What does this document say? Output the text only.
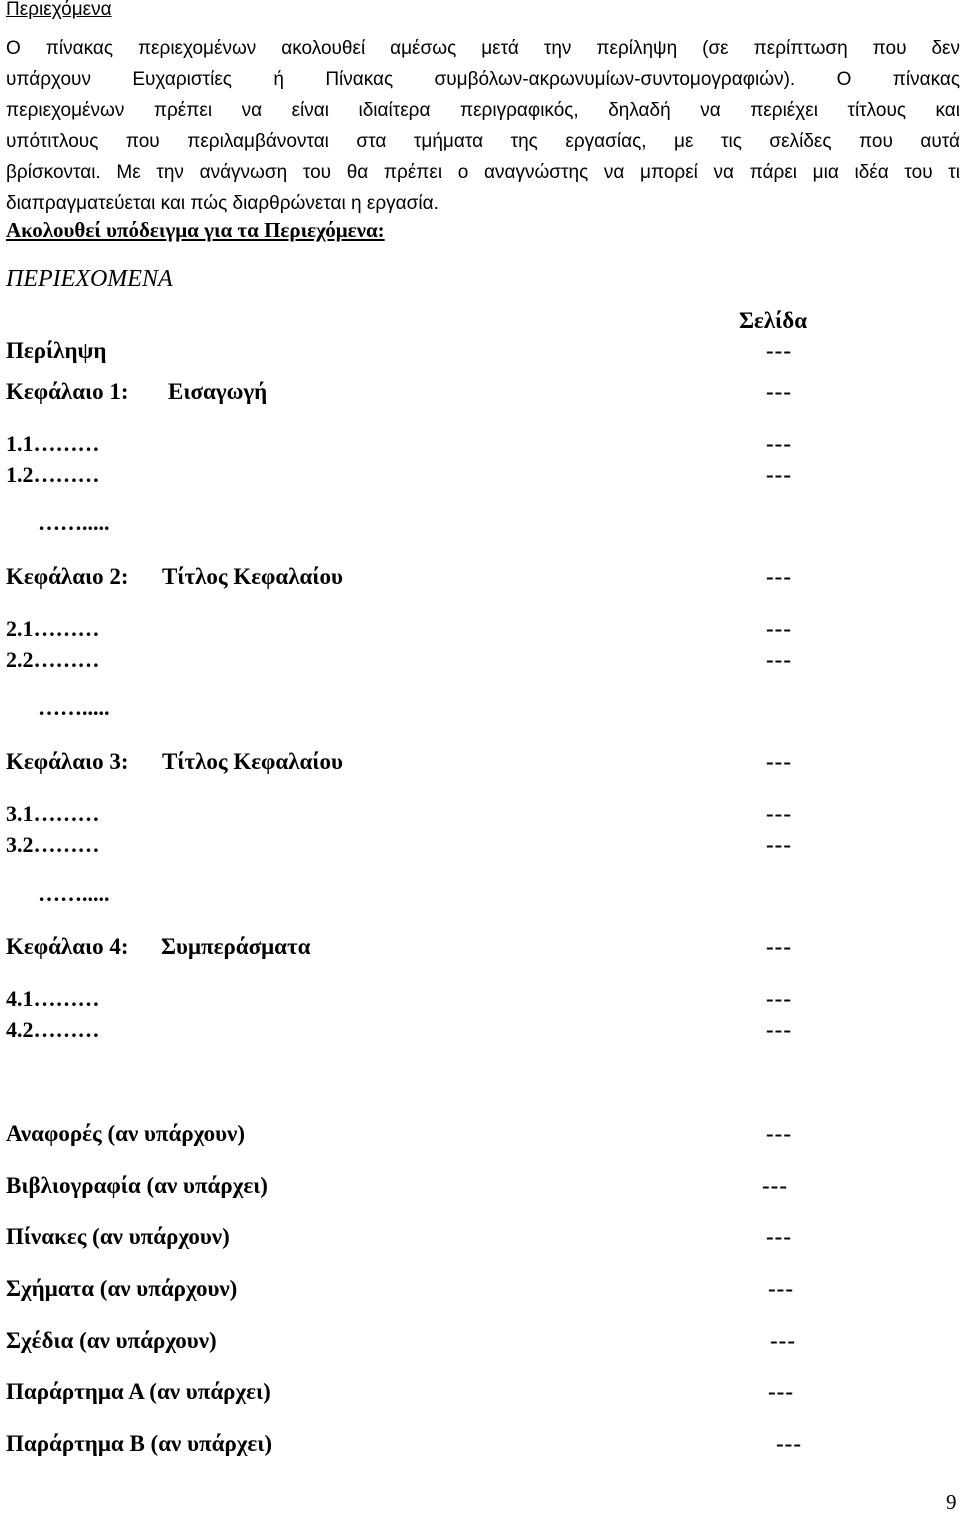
Περιεχόμενα
Ο πίνακας περιεχομένων ακολουθεί αμέσως μετά την περίληψη (σε περίπτωση που δεν
υπάρχουν Ευχαριστίες ή Πίνακας συμβόλων-ακρωνυμίων-συντομογραφιών). Ο πίνακας
περιεχομένων πρέπει να είναι ιδιαίτερα περιγραφικός, δηλαδή να περιέχει τίτλους και
υπότιτλους που περιλαμβάνονται στα τμήματα της εργασίας, με τις σελίδες που αυτά
βρίσκονται. Με την ανάγνωση του θα πρέπει ο αναγνώστης να μπορεί να πάρει μια ιδέα του τι
διαπραγματεύεται και πώς διαρθρώνεται η εργασία.
Ακολουθεί υπόδειγμα για τα Περιεχόμενα:
ΠΕΡΙΕΧΟΜΕΝΑ
Σελίδα
Περίληψη	---
Κεφάλαιο 1: Εισαγωγή	---
1.1………	---
1.2………	---
…….....
Κεφάλαιο 2: Τίτλος Κεφαλαίου	---
2.1………	---
2.2………	---
…….....
Κεφάλαιο 3: Τίτλος Κεφαλαίου	---
3.1………	---
3.2………	---
…….....
Κεφάλαιο 4: Συμπεράσματα	---
4.1………	---
4.2………	---
Αναφορές (αν υπάρχουν)	---
Βιβλιογραφία (αν υπάρχει)	---
Πίνακες (αν υπάρχουν)	---
Σχήματα (αν υπάρχουν)	---
Σχέδια (αν υπάρχουν)	---
Παράρτημα Α (αν υπάρχει)	---
Παράρτημα Β (αν υπάρχει)	---
9
